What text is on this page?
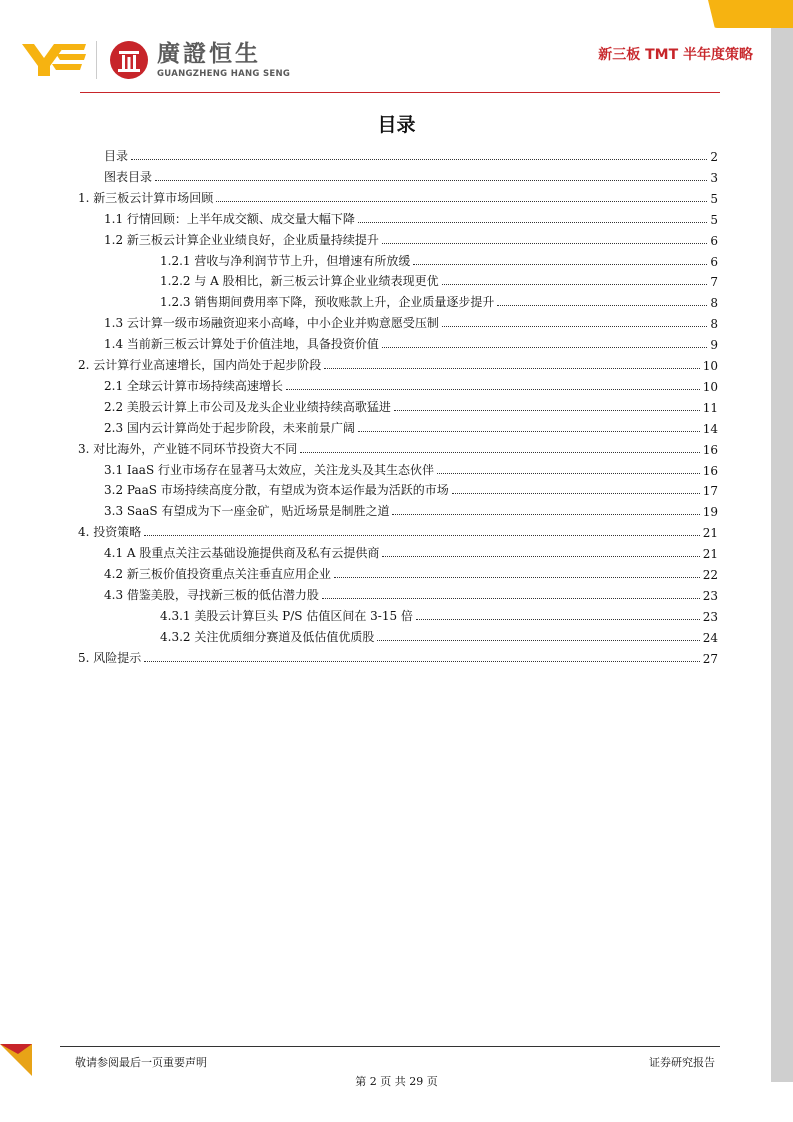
廣證恒生
GUANGZHENG HANG SENG
新三板 TMT 半年度策略
目录
目录	2
图表目录	3
1. 新三板云计算市场回顾	5
1.1 行情回顾：上半年成交额、成交量大幅下降	5
1.2 新三板云计算企业业绩良好，企业质量持续提升	6
1.2.1 营收与净利润节节上升，但增速有所放缓	6
1.2.2 与 A 股相比，新三板云计算企业业绩表现更优	7
1.2.3 销售期间费用率下降，预收账款上升，企业质量逐步提升	8
1.3 云计算一级市场融资迎来小高峰，中小企业并购意愿受压制	8
1.4 当前新三板云计算处于价值洼地，具备投资价值	9
2. 云计算行业高速增长，国内尚处于起步阶段	10
2.1 全球云计算市场持续高速增长	10
2.2 美股云计算上市公司及龙头企业业绩持续高歌猛进	11
2.3 国内云计算尚处于起步阶段，未来前景广阔	14
3. 对比海外，产业链不同环节投资大不同	16
3.1 IaaS 行业市场存在显著马太效应，关注龙头及其生态伙伴	16
3.2 PaaS 市场持续高度分散，有望成为资本运作最为活跃的市场	17
3.3 SaaS 有望成为下一座金矿，贴近场景是制胜之道	19
4. 投资策略	21
4.1 A 股重点关注云基础设施提供商及私有云提供商	21
4.2 新三板价值投资重点关注垂直应用企业	22
4.3 借鉴美股，寻找新三板的低估潜力股	23
4.3.1 美股云计算巨头 P/S 估值区间在 3-15 倍	23
4.3.2 关注优质细分赛道及低估值优质股	24
5. 风险提示	27
敬请参阅最后一页重要声明	证券研究报告
第 2 页 共 29 页
